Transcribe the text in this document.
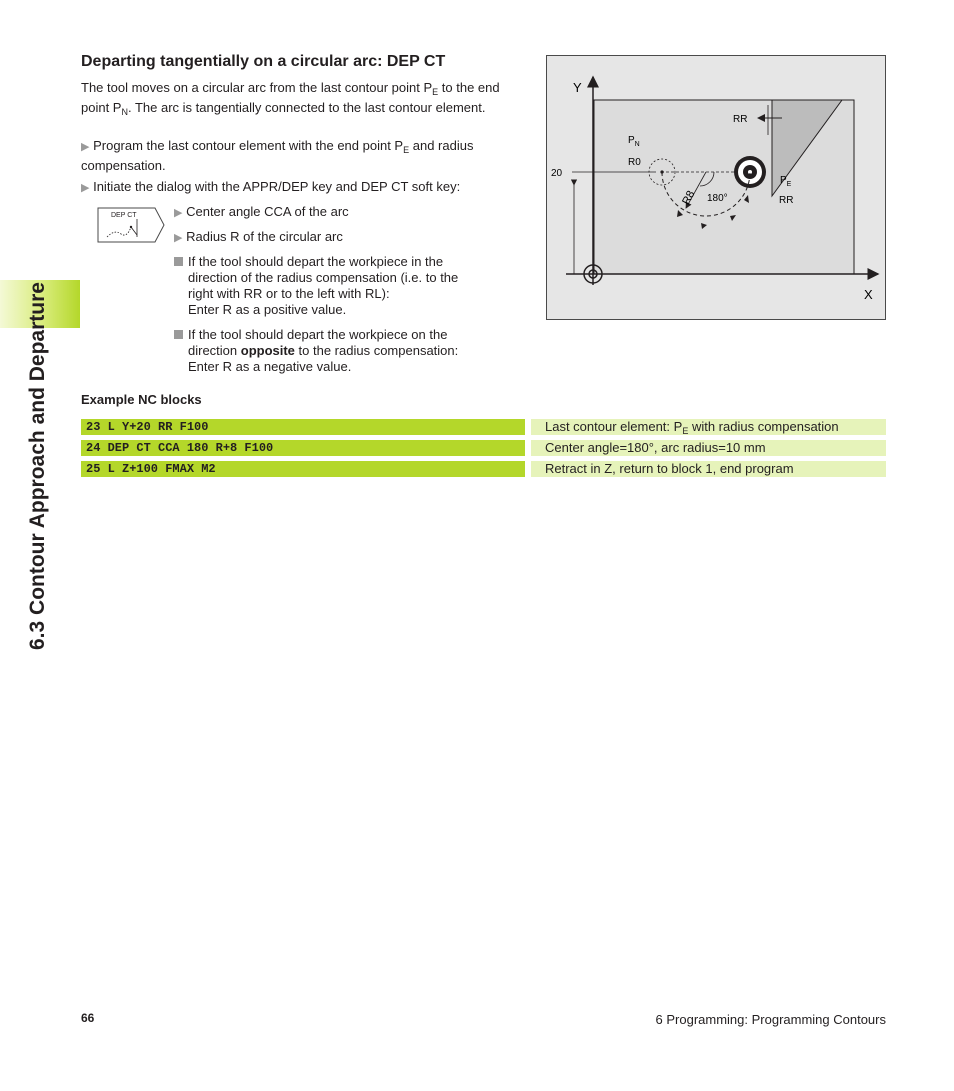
6.3 Contour Approach and Departure
Departing tangentially on a circular arc: DEP CT

The tool moves on a circular arc from the last contour point $P_E$ to the end point $P_N$. The arc is tangentially connected to the last contour element.

▶ Program the last contour element with the end point $P_E$ and radius compensation.
▶ Initiate the dialog with the APPR/DEP key and DEP CT soft key:
DEP CT	▶ Center angle CCA of the arc
▶ Radius R of the circular arc
If the tool should depart the workpiece in the
direction of the radius compensation (i.e. to the
right with RR or to the left with RL):
Enter R as a positive value.
If the tool should depart the workpiece on the
direction opposite to the radius compensation:
Enter R as a negative value.
Example NC blocks
23 L Y+20 RR F100	Last contour element: $P_E$ with radius compensation
24 DEP CT CCA 180 R+8 F100	Center angle=180°, arc radius=10 mm
25 L Z+100 FMAX M2	Retract in Z, return to block 1, end program
Y
X
20
RR
$P_N$
R0
R8 180°
$P_E$
RR
66	6 Programming: Programming Contours
